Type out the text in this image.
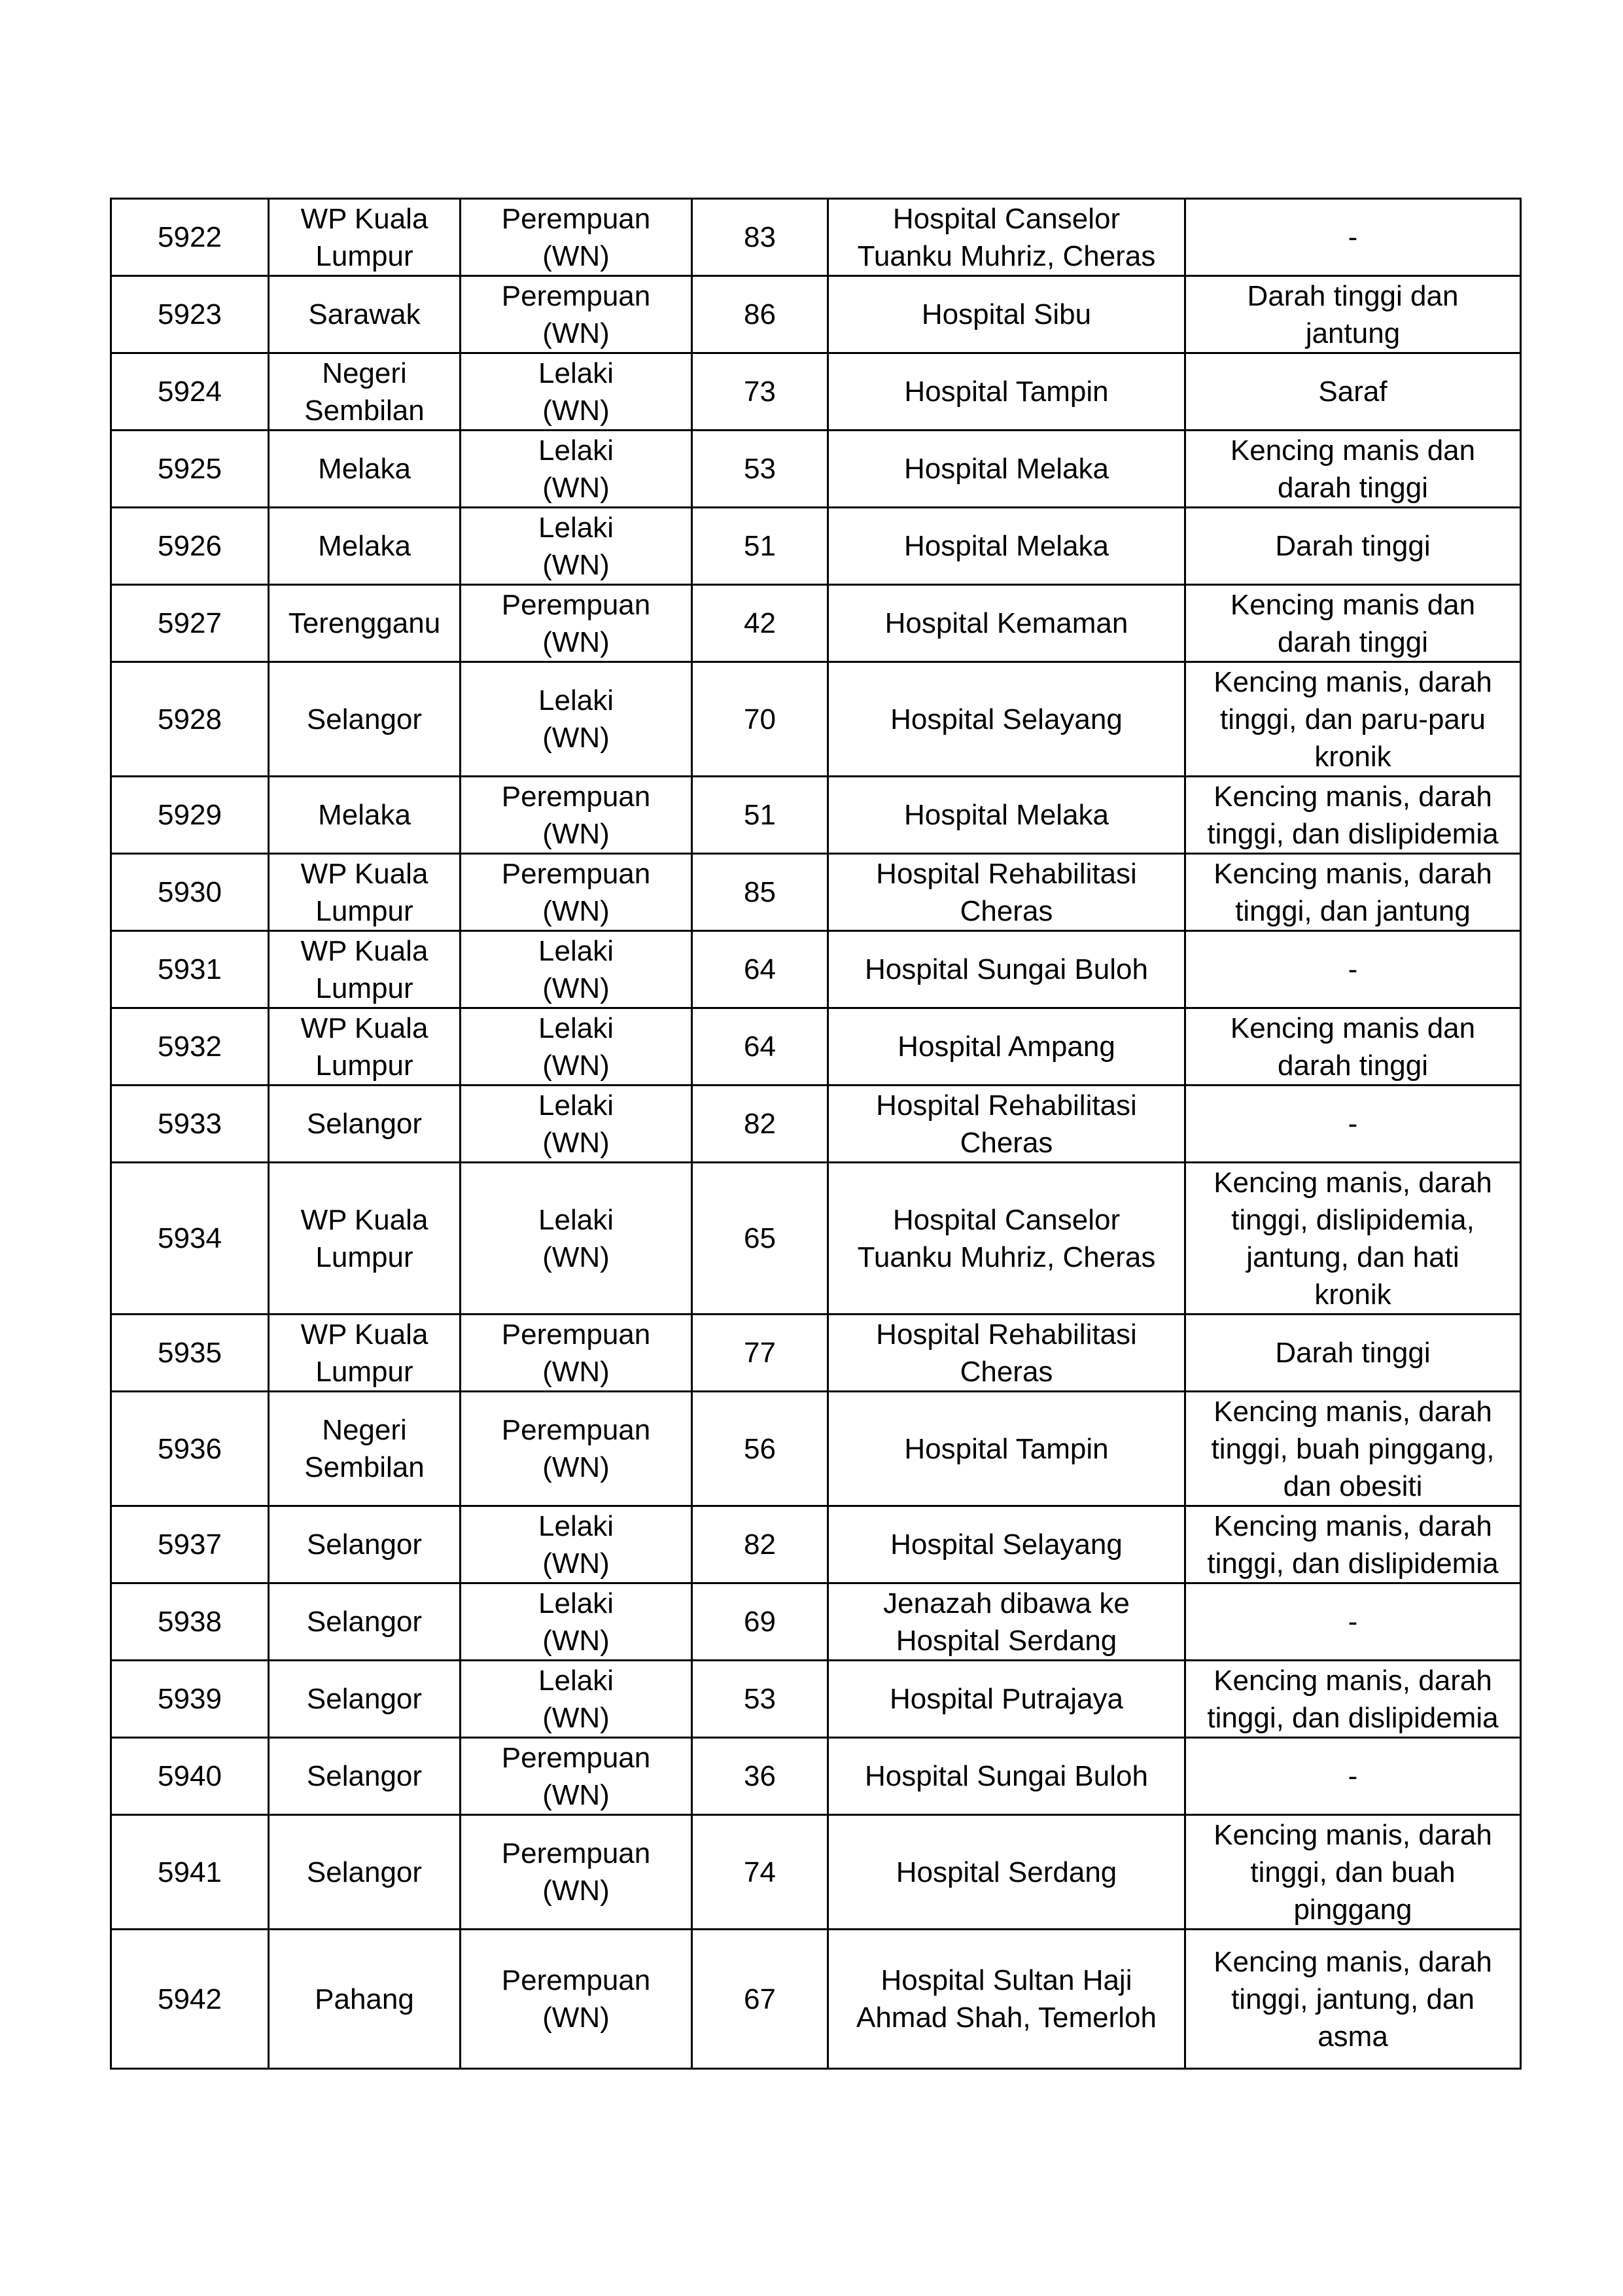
5922	WP Kuala
Lumpur	Perempuan
(WN)	83	Hospital Canselor
Tuanku Muhriz, Cheras	-
5923	Sarawak	Perempuan
(WN)	86	Hospital Sibu	Darah tinggi dan
jantung
5924	Negeri
Sembilan	Lelaki
(WN)	73	Hospital Tampin	Saraf
5925	Melaka	Lelaki
(WN)	53	Hospital Melaka	Kencing manis dan
darah tinggi
5926	Melaka	Lelaki
(WN)	51	Hospital Melaka	Darah tinggi
5927	Terengganu	Perempuan
(WN)	42	Hospital Kemaman	Kencing manis dan
darah tinggi
5928	Selangor	Lelaki
(WN)	70	Hospital Selayang	Kencing manis, darah
tinggi, dan paru-paru
kronik
5929	Melaka	Perempuan
(WN)	51	Hospital Melaka	Kencing manis, darah
tinggi, dan dislipidemia
5930	WP Kuala
Lumpur	Perempuan
(WN)	85	Hospital Rehabilitasi
Cheras	Kencing manis, darah
tinggi, dan jantung
5931	WP Kuala
Lumpur	Lelaki
(WN)	64	Hospital Sungai Buloh	-
5932	WP Kuala
Lumpur	Lelaki
(WN)	64	Hospital Ampang	Kencing manis dan
darah tinggi
5933	Selangor	Lelaki
(WN)	82	Hospital Rehabilitasi
Cheras	-
5934	WP Kuala
Lumpur	Lelaki
(WN)	65	Hospital Canselor
Tuanku Muhriz, Cheras	Kencing manis, darah
tinggi, dislipidemia,
jantung, dan hati
kronik
5935	WP Kuala
Lumpur	Perempuan
(WN)	77	Hospital Rehabilitasi
Cheras	Darah tinggi
5936	Negeri
Sembilan	Perempuan
(WN)	56	Hospital Tampin	Kencing manis, darah
tinggi, buah pinggang,
dan obesiti
5937	Selangor	Lelaki
(WN)	82	Hospital Selayang	Kencing manis, darah
tinggi, dan dislipidemia
5938	Selangor	Lelaki
(WN)	69	Jenazah dibawa ke
Hospital Serdang	-
5939	Selangor	Lelaki
(WN)	53	Hospital Putrajaya	Kencing manis, darah
tinggi, dan dislipidemia
5940	Selangor	Perempuan
(WN)	36	Hospital Sungai Buloh	-
5941	Selangor	Perempuan
(WN)	74	Hospital Serdang	Kencing manis, darah
tinggi, dan buah
pinggang
5942	Pahang	Perempuan
(WN)	67	Hospital Sultan Haji
Ahmad Shah, Temerloh	Kencing manis, darah
tinggi, jantung, dan
asma
